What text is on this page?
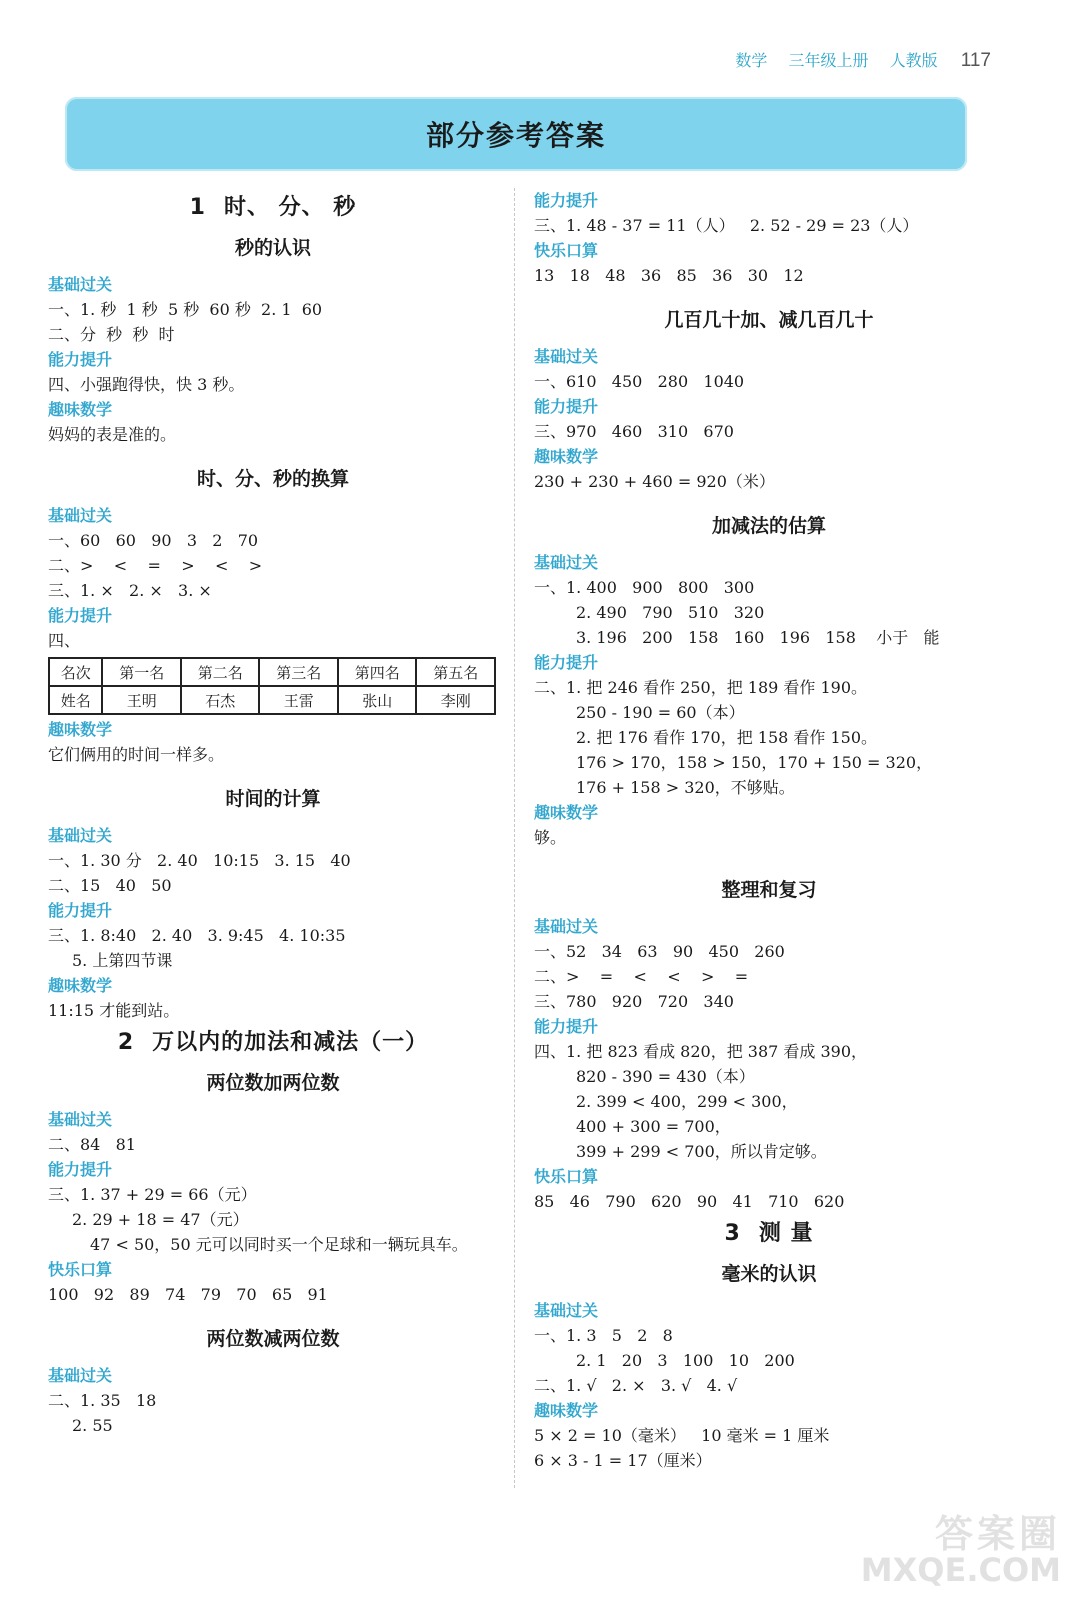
数学 三年级上册 人教版 117
部分参考答案
1 时、 分、 秒
秒的认识
基础过关
一、1. 秒  1 秒  5 秒  60 秒  2. 1  60
二、分  秒  秒  时
能力提升
四、小强跑得快，快 3 秒。
趣味数学
妈妈的表是准的。
时、分、秒的换算
基础过关
一、60   60   90   3   2   70
二、>    <    =    >    <    >
三、1. ×   2. ×   3. ×
能力提升
四、
名次	第一名	第二名	第三名	第四名	第五名
姓名	王明	石杰	王雷	张山	李刚
趣味数学
它们俩用的时间一样多。
时间的计算
基础过关
一、1. 30 分   2. 40   10:15   3. 15   40
二、15   40   50
能力提升
三、1. 8:40   2. 40   3. 9:45   4. 10:35
5. 上第四节课
趣味数学
11:15 才能到站。
2 万以内的加法和减法（一）
两位数加两位数
基础过关
二、84   81
能力提升
三、1. 37 + 29 = 66（元）
2. 29 + 18 = 47（元）
47 < 50，50 元可以同时买一个足球和一辆玩具车。
快乐口算
100   92   89   74   79   70   65   91
两位数减两位数
基础过关
二、1. 35   18
2. 55
能力提升
三、1. 48 - 37 = 11（人）   2. 52 - 29 = 23（人）
快乐口算
13   18   48   36   85   36   30   12
几百几十加、减几百几十
基础过关
一、610   450   280   1040
能力提升
三、970   460   310   670
趣味数学
230 + 230 + 460 = 920（米）
加减法的估算
基础过关
一、1. 400   900   800   300
2. 490   790   510   320
3. 196   200   158   160   196   158    小于   能
能力提升
二、1. 把 246 看作 250，把 189 看作 190。
250 - 190 = 60（本）
2. 把 176 看作 170，把 158 看作 150。
176 > 170，158 > 150，170 + 150 = 320，
176 + 158 > 320，不够贴。
趣味数学
够。
整理和复习
基础过关
一、52   34   63   90   450   260
二、>    =    <    <    >    =
三、780   920   720   340
能力提升
四、1. 把 823 看成 820，把 387 看成 390，
820 - 390 = 430（本）
2. 399 < 400，299 < 300，
400 + 300 = 700，
399 + 299 < 700，所以肯定够。
快乐口算
85   46   790   620   90   41   710   620
3 测 量
毫米的认识
基础过关
一、1. 3   5   2   8
2. 1   20   3   100   10   200
二、1. √   2. ×   3. √   4. √
趣味数学
5 × 2 = 10（毫米）   10 毫米 = 1 厘米
6 × 3 - 1 = 17（厘米）
答案圈
MXQE.COM
